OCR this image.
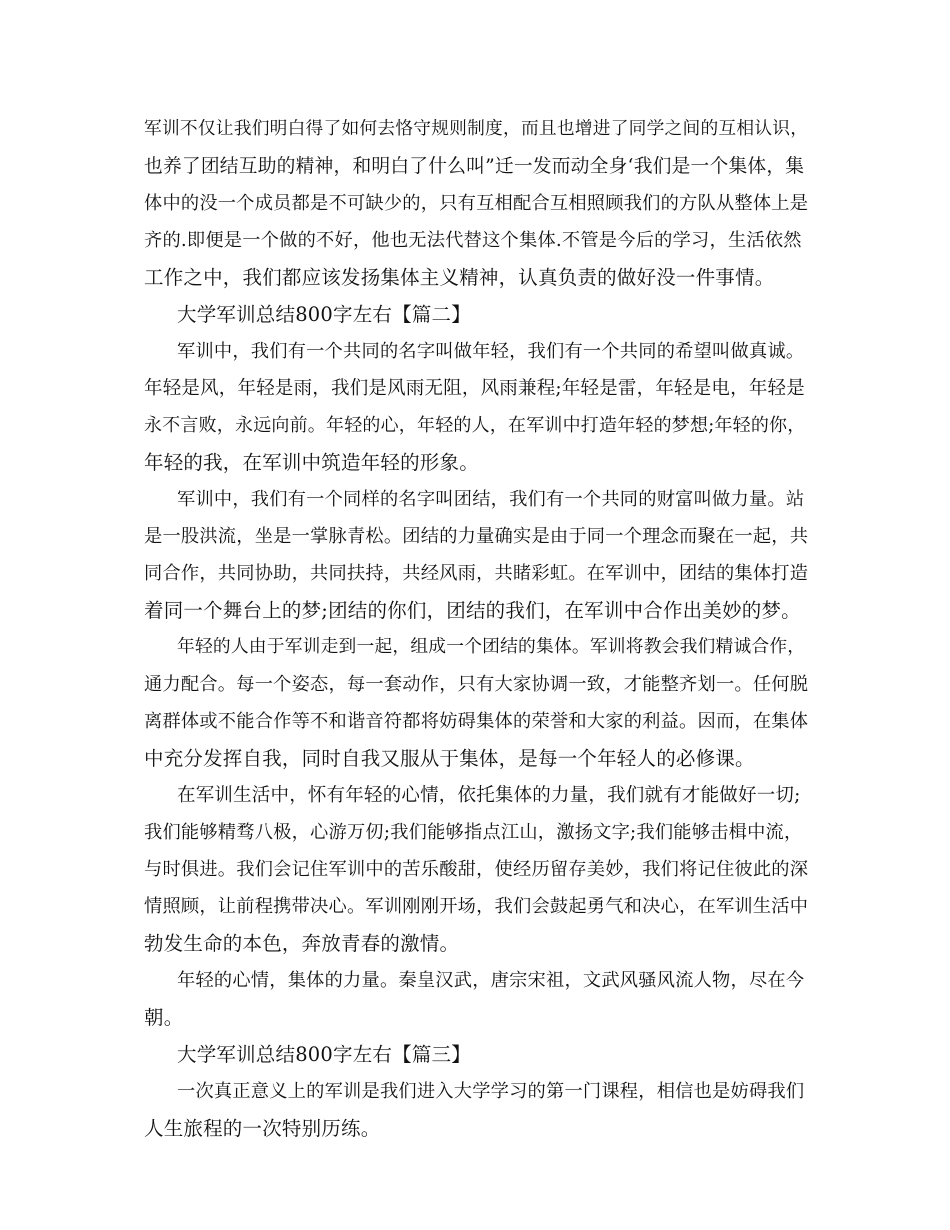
军训不仅让我们明白得了如何去恪守规则制度，而且也增进了同学之间的互相认识，
也养了团结互助的精神，和明白了什么叫”迁一发而动全身‘我们是一个集体，集
体中的没一个成员都是不可缺少的，只有互相配合互相照顾我们的方队从整体上是
齐的.即便是一个做的不好，他也无法代替这个集体.不管是今后的学习，生活依然
工作之中，我们都应该发扬集体主义精神，认真负责的做好没一件事情。
大学军训总结800字左右【篇二】
军训中，我们有一个共同的名字叫做年轻，我们有一个共同的希望叫做真诚。
年轻是风，年轻是雨，我们是风雨无阻，风雨兼程;年轻是雷，年轻是电，年轻是
永不言败，永远向前。年轻的心，年轻的人，在军训中打造年轻的梦想;年轻的你，
年轻的我，在军训中筑造年轻的形象。
军训中，我们有一个同样的名字叫团结，我们有一个共同的财富叫做力量。站
是一股洪流，坐是一掌脉青松。团结的力量确实是由于同一个理念而聚在一起，共
同合作，共同协助，共同扶持，共经风雨，共睹彩虹。在军训中，团结的集体打造
着同一个舞台上的梦;团结的你们，团结的我们，在军训中合作出美妙的梦。
年轻的人由于军训走到一起，组成一个团结的集体。军训将教会我们精诚合作，
通力配合。每一个姿态，每一套动作，只有大家协调一致，才能整齐划一。任何脱
离群体或不能合作等不和谐音符都将妨碍集体的荣誉和大家的利益。因而，在集体
中充分发挥自我，同时自我又服从于集体，是每一个年轻人的必修课。
在军训生活中，怀有年轻的心情，依托集体的力量，我们就有才能做好一切;
我们能够精骛八极，心游万仞;我们能够指点江山，激扬文字;我们能够击楫中流，
与时俱进。我们会记住军训中的苦乐酸甜，使经历留存美妙，我们将记住彼此的深
情照顾，让前程携带决心。军训刚刚开场，我们会鼓起勇气和决心，在军训生活中
勃发生命的本色，奔放青春的激情。
年轻的心情，集体的力量。秦皇汉武，唐宗宋祖，文武风骚风流人物，尽在今
朝。
大学军训总结800字左右【篇三】
一次真正意义上的军训是我们进入大学学习的第一门课程，相信也是妨碍我们
人生旅程的一次特别历练。
